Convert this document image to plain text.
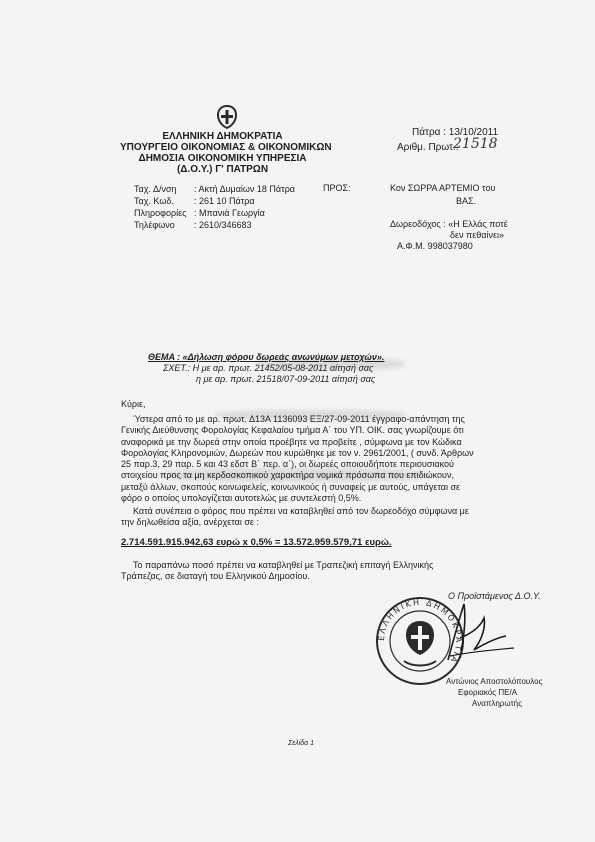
ΕΛΛΗΝΙΚΗ ΔΗΜΟΚΡΑΤΙΑ
ΥΠΟΥΡΓΕΙΟ ΟΙΚΟΝΟΜΙΑΣ & ΟΙΚΟΝΟΜΙΚΩΝ
ΔΗΜΟΣΙΑ ΟΙΚΟΝΟΜΙΚΗ ΥΠΗΡΕΣΙΑ
(Δ.Ο.Υ.) Γ' ΠΑΤΡΩΝ
Πάτρα : 13/10/2011
Αριθμ. Πρωτ.:
21518
Ταχ. Δ/νση	: Ακτή Δυμαίων 18 Πάτρα
Ταχ. Κωδ.	: 261 10 Πάτρα
Πληροφορίες : Μπανιά Γεωργία
Τηλέφωνο	: 2610/346683
ΠΡΟΣ:	Κον ΣΩΡΡΑ ΑΡΤΕΜΙΟ του
ΒΑΣ.
Δωρεοδόχος : «Η Ελλάς ποτέ
δεν πεθαίνει»
Α.Φ.Μ. 998037980
ΘΕΜΑ : «Δήλωση φόρου δωρεάς ανωνύμων μετοχών».
ΣΧΕΤ.: Η με αρ. πρωτ. 21452/05-08-2011 αίτησή σας
η με αρ. πρωτ. 21518/07-09-2011 αίτησή σας
Κύριε,

Ύστερα από το με αρ. πρωτ. Δ13Α 1136093 ΕΞ/27-09-2011 έγγραφο-απάντηση της

Γενικής Διεύθυνσης Φορολογίας Κεφαλαίου τμήμα Α΄ του ΥΠ. ΟΙΚ. σας γνωρίζουμε ότι

αναφορικά με την δωρεά στην οποία προέβητε να προβείτε , σύμφωνα με τον Κώδικα

Φορολογίας Κληρονομιών, Δωρεών που κυρώθηκε με τον ν. 2961/2001, ( συνδ. Άρθρων

25 παρ.3, 29 παρ. 5 και 43 εδστ Β΄ περ. α΄), οι δωρεές οποιουδήποτε περιουσιακού

στοιχείου προς τα μη κερδοσκοπικού χαρακτήρα νομικά πρόσωπα που επιδιώκουν,

μεταξύ άλλων, σκοπούς κοινωφελείς, κοινωνικούς ή συναφείς με αυτούς, υπάγεται σε

φόρο ο οποίος υπολογίζεται αυτοτελώς με συντελεστή 0,5%.

Κατά συνέπεια ο φόρος που πρέπει να καταβληθεί από τον δωρεοδόχο σύμφωνα με

την δηλωθείσα αξία, ανέρχεται σε :

2.714.591.915.942,63 ευρώ x 0,5% = 13.572.959.579,71 ευρώ.

Το παραπάνω ποσό πρέπει να καταβληθεί με Τραπεζική επιταγή Ελληνικής

Τράπεζας, σε διαταγή του Ελληνικού Δημοσίου.

Ο Προϊστάμενος Δ.Ο.Υ.
ΕΛΛΗΝΙΚΗ ΔΗΜΟΚΡΑΤΙΑ
Αντώνιος Αποστολόπουλος
Εφοριακός ΠΕ/Α
Αναπληρωτής
Σελίδα 1
